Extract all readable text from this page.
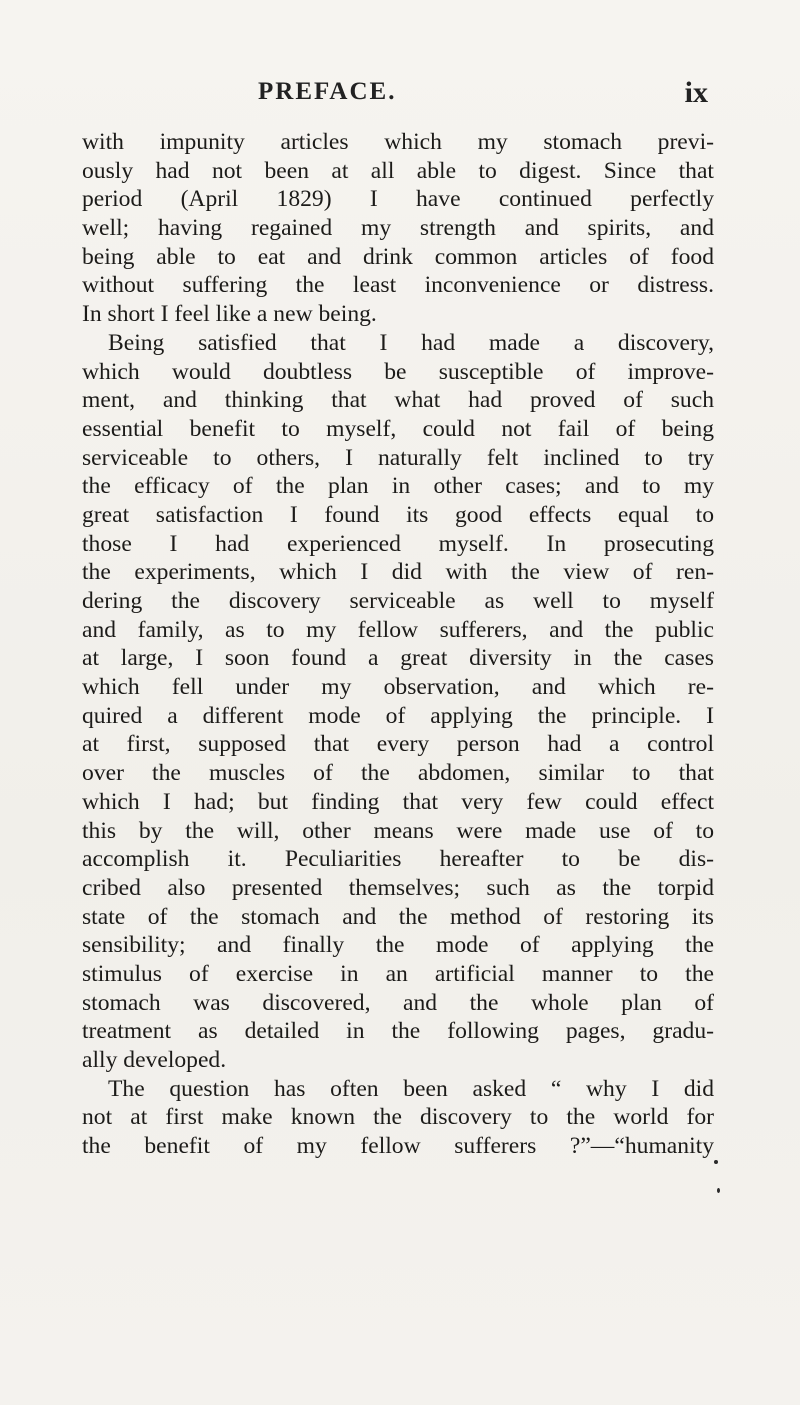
PREFACE.	ix
with impunity articles which my stomach previ-
ously had not been at all able to digest. Since that
period (April 1829) I have continued perfectly
well; having regained my strength and spirits, and
being able to eat and drink common articles of food
without suffering the least inconvenience or distress.
In short I feel like a new being.
Being satisfied that I had made a discovery,
which would doubtless be susceptible of improve-
ment, and thinking that what had proved of such
essential benefit to myself, could not fail of being
serviceable to others, I naturally felt inclined to try
the efficacy of the plan in other cases; and to my
great satisfaction I found its good effects equal to
those I had experienced myself. In prosecuting
the experiments, which I did with the view of ren-
dering the discovery serviceable as well to myself
and family, as to my fellow sufferers, and the public
at large, I soon found a great diversity in the cases
which fell under my observation, and which re-
quired a different mode of applying the principle. I
at first, supposed that every person had a control
over the muscles of the abdomen, similar to that
which I had; but finding that very few could effect
this by the will, other means were made use of to
accomplish it. Peculiarities hereafter to be dis-
cribed also presented themselves; such as the torpid
state of the stomach and the method of restoring its
sensibility; and finally the mode of applying the
stimulus of exercise in an artificial manner to the
stomach was discovered, and the whole plan of
treatment as detailed in the following pages, gradu-
ally developed.
The question has often been asked “ why I did
not at first make known the discovery to the world for
the benefit of my fellow sufferers ?”—“humanity
